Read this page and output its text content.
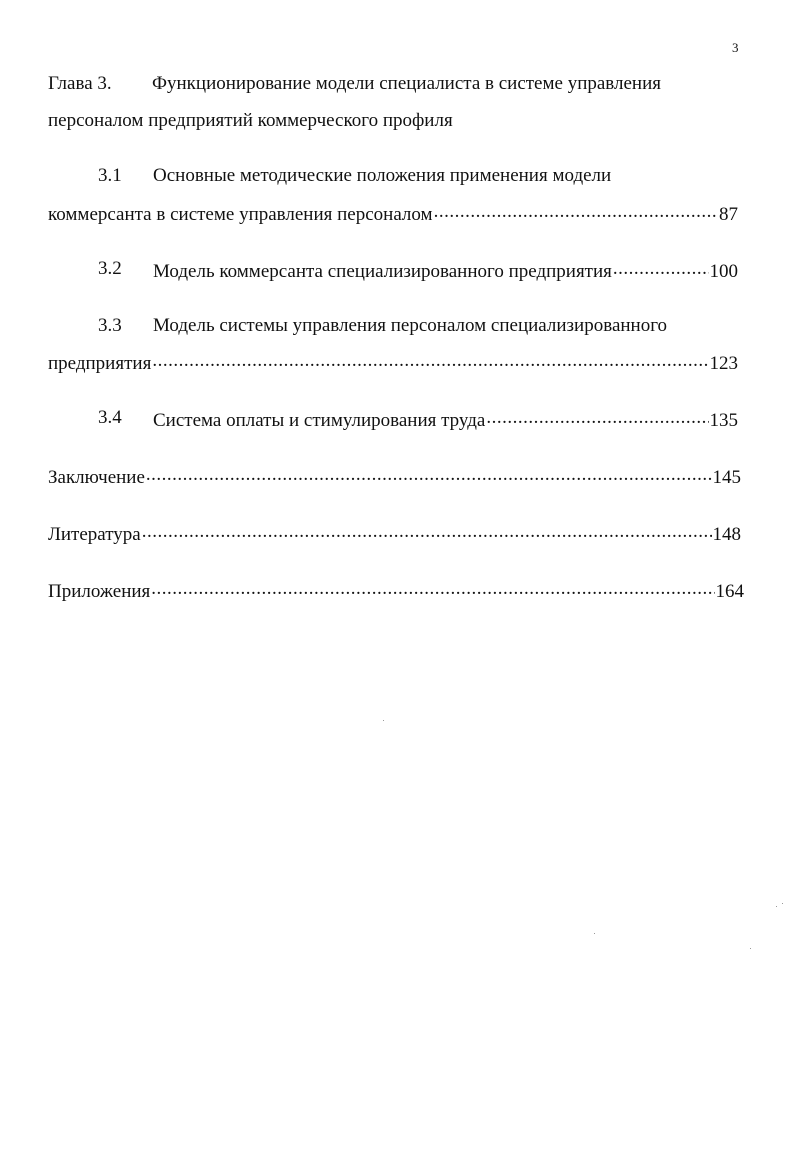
3
Глава 3. Функционирование модели специалиста в системе управления
персоналом предприятий коммерческого профиля
3.1 Основные методические положения применения модели
коммерсанта в системе управления персоналом .....	87
3.2 Модель коммерсанта специализированного предприятия .....	100
3.3 Модель системы управления персоналом специализированного
предприятия .....	123
3.4 Система оплаты и стимулирования труда .....	135
Заключение .....	145
Литература .....	148
Приложения .....	164
